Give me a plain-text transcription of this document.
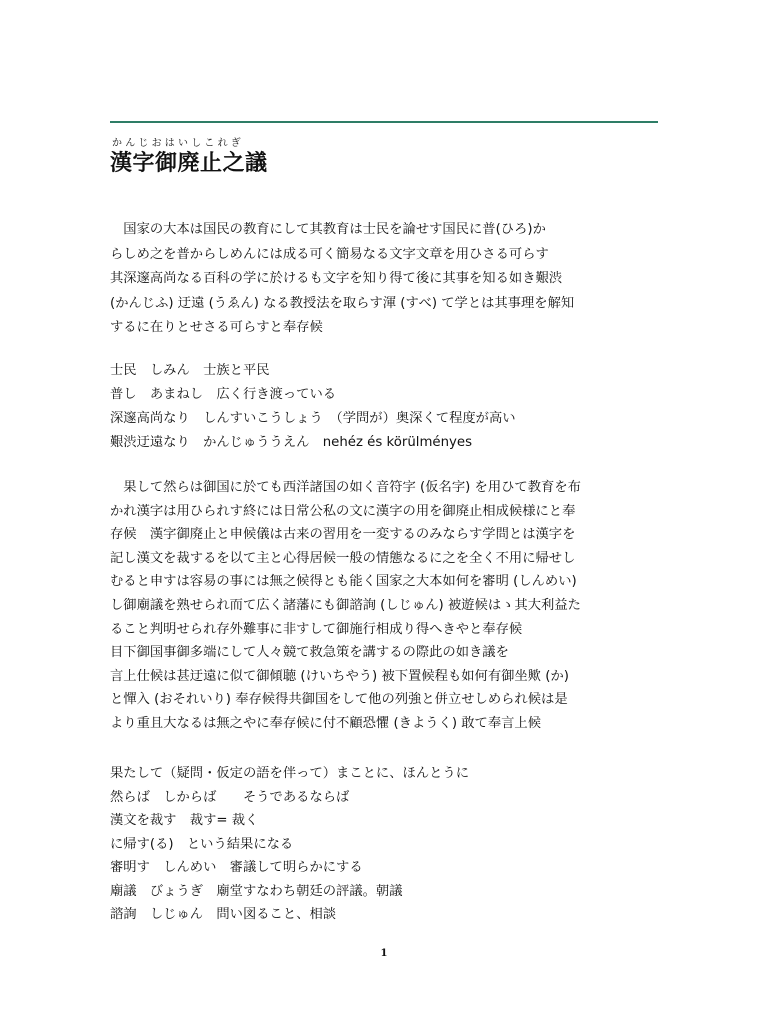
かんじおはいしこれぎ
漢字御廃止之議
　国家の大本は国民の教育にして其教育は士民を論せす国民に普(ひろ)か
らしめ之を普からしめんには成る可く簡易なる文字文章を用ひさる可らす
其深邃高尚なる百科の学に於けるも文字を知り得て後に其事を知る如き艱渋
(かんじふ) 迂遠 (うゑん) なる教授法を取らす渾 (すべ) て学とは其事理を解知
するに在りとせさる可らすと奉存候
士民　しみん　士族と平民
普し　あまねし　広く行き渡っている
深邃高尚なり　しんすいこうしょう　（学問が）奥深くて程度が高い
艱渋迂遠なり　かんじゅううえん　nehéz és körülményes
　果して然らは御国に於ても西洋諸国の如く音符字 (仮名字) を用ひて教育を布
かれ漢字は用ひられす終には日常公私の文に漢字の用を御廃止相成候様にと奉
存候　漢字御廃止と申候儀は古来の習用を一変するのみならす学問とは漢字を
記し漢文を裁するを以て主と心得居候一般の情態なるに之を全く不用に帰せし
むると申すは容易の事には無之候得とも能く国家之大本如何を審明 (しんめい)
し御廟議を熟せられ而て広く諸藩にも御諮詢 (しじゅん) 被遊候はゝ其大利益た
ること判明せられ存外難事に非すして御施行相成り得へきやと奉存候
目下御国事御多端にして人々競て救急策を講するの際此の如き議を
言上仕候は甚迂遠に似て御傾聴 (けいちやう) 被下置候程も如何有御坐歟 (か)
と憚入 (おそれいり) 奉存候得共御国をして他の列強と併立せしめられ候は是
より重且大なるは無之やに奉存候に付不顧恐懼 (きようく) 敢て奉言上候
果たして（疑問・仮定の語を伴って）まことに、ほんとうに
然らば　しからば　　そうであるならば
漢文を裁す　裁す= 裁く
に帰す(る)　という結果になる
審明す　しんめい　審議して明らかにする
廟議　びょうぎ　廟堂すなわち朝廷の評議。朝議
諮詢　しじゅん　問い図ること、相談
1
